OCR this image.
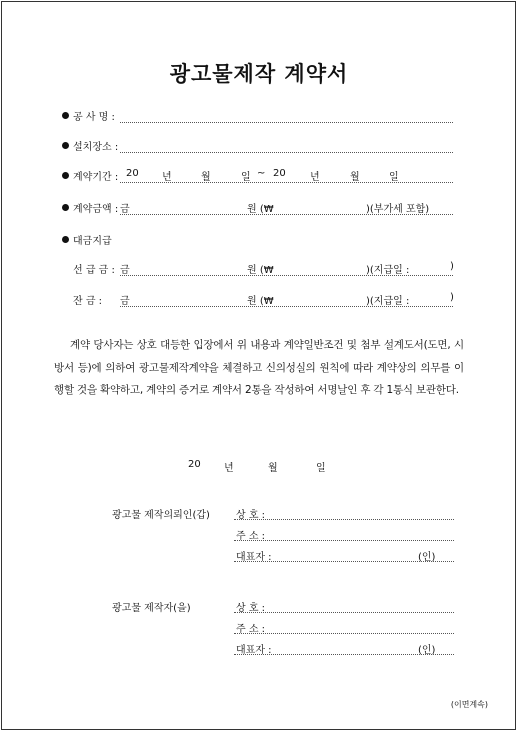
광고물제작 계약서
공 사 명 :
설치장소 :
계약기간 : 20 년	월	일 ~ 20 년	월	일
계약금액 : 금	원 (₩	)(부가세 포함)
대금지급
선 급 금 : 금	원 (₩	)(지급일 :	)
잔 금 : 금	원 (₩	)(지급일 :	)
계약 당사자는 상호 대등한 입장에서 위 내용과 계약일반조건 및 첨부 설계도서(도면, 시방서 등)에 의하여 광고물제작계약을 체결하고 신의성실의 원칙에 따라 계약상의 의무를 이행할 것을 확약하고, 계약의 증거로 계약서 2통을 작성하여 서명날인 후 각 1통식 보관한다.
20 년	월	일
광고물 제작의뢰인(갑)	상 호 :
주 소 :
대표자 :	(인)
광고물 제작자(을)	상 호 :
주 소 :
대표자 :	(인)
(이면계속)
